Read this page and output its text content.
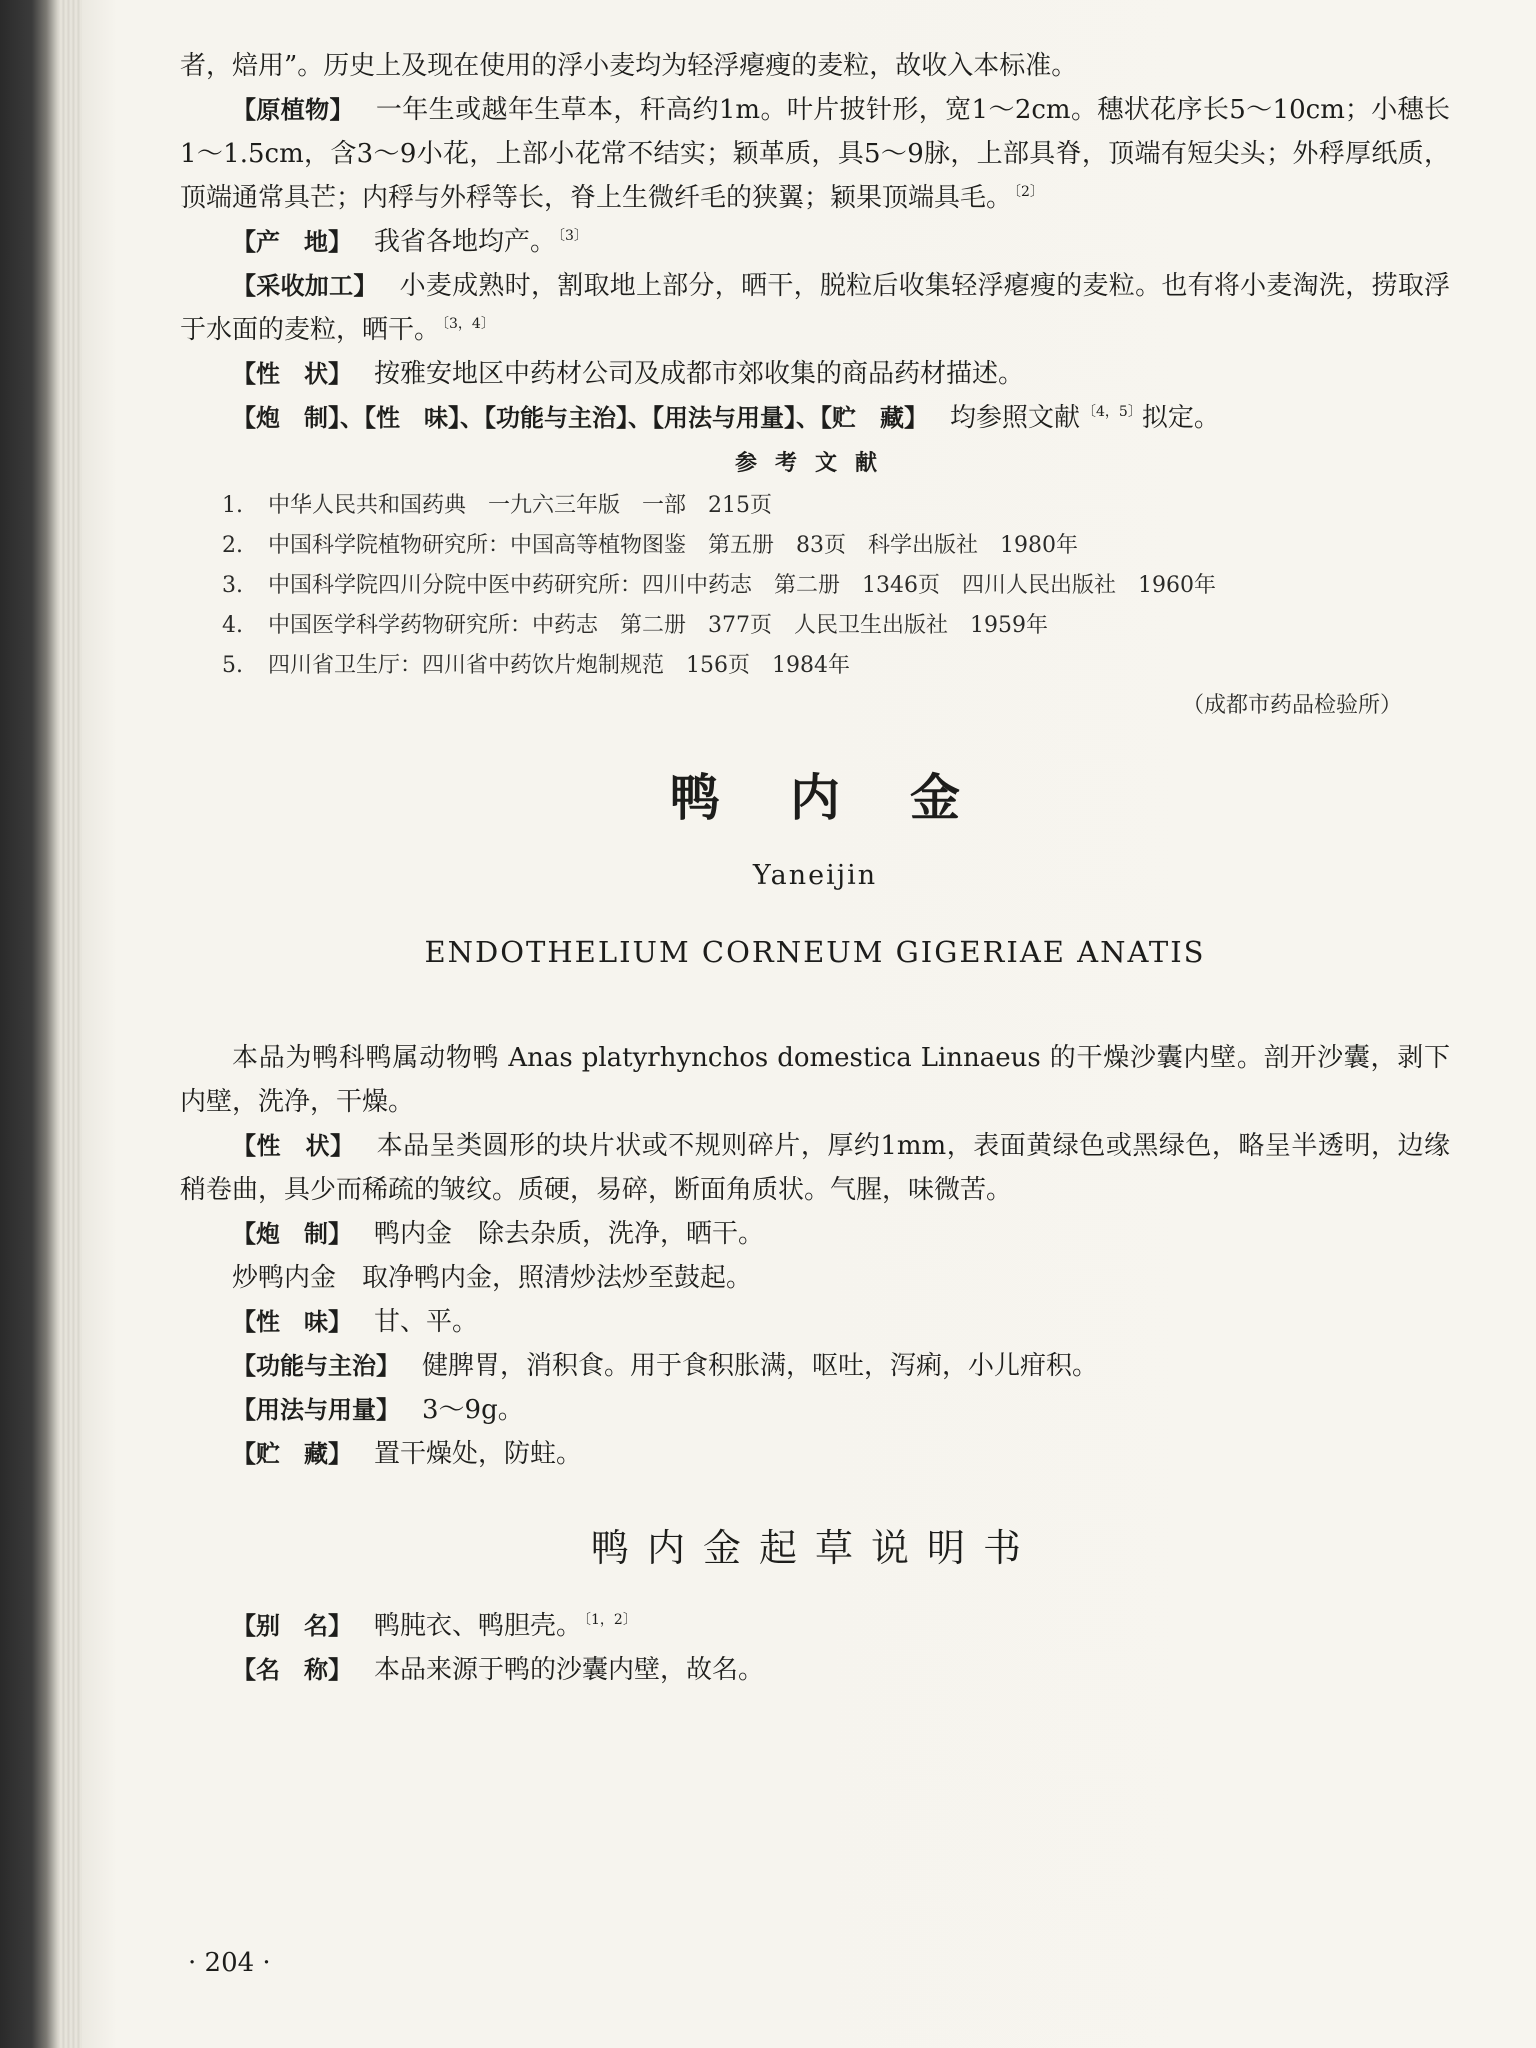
者，焙用”。历史上及现在使用的浮小麦均为轻浮瘪瘦的麦粒，故收入本标准。

【原植物】 一年生或越年生草本，秆高约1m。叶片披针形，宽1～2cm。穗状花序长5～10cm；小穗长1～1.5cm，含3～9小花，上部小花常不结实；颖革质，具5～9脉，上部具脊，顶端有短尖头；外稃厚纸质，顶端通常具芒；内稃与外稃等长，脊上生微纤毛的狭翼；颖果顶端具毛。 $^{〔2〕}$

【产　地】 我省各地均产。 $^{〔3〕}$

【采收加工】 小麦成熟时，割取地上部分，晒干，脱粒后收集轻浮瘪瘦的麦粒。也有将小麦淘洗，捞取浮于水面的麦粒，晒干。 $^{〔3,4〕}$

【性　状】 按雅安地区中药材公司及成都市郊收集的商品药材描述。

【炮　制】、【性　味】、【功能与主治】、【用法与用量】、【贮　藏】 均参照文献 $^{〔4,5〕}$拟定。

参考文献
1. 中华人民共和国药典　一九六三年版　一部　215页
2. 中国科学院植物研究所：中国高等植物图鉴　第五册　83页　科学出版社　1980年
3. 中国科学院四川分院中医中药研究所：四川中药志　第二册　1346页　四川人民出版社　1960年
4. 中国医学科学药物研究所：中药志　第二册　377页　人民卫生出版社　1959年
5. 四川省卫生厅：四川省中药饮片炮制规范　156页　1984年
（成都市药品检验所）
鸭内金
Yaneijin
ENDOTHELIUM CORNEUM GIGERIAE ANATIS

本品为鸭科鸭属动物鸭 Anas platyrhynchos domestica Linnaeus 的干燥沙囊内壁。剖开沙囊，剥下内壁，洗净，干燥。

【性　状】 本品呈类圆形的块片状或不规则碎片，厚约1mm，表面黄绿色或黑绿色，略呈半透明，边缘稍卷曲，具少而稀疏的皱纹。质硬，易碎，断面角质状。气腥，味微苦。

【炮　制】 鸭内金　除去杂质，洗净，晒干。

炒鸭内金　取净鸭内金，照清炒法炒至鼓起。

【性　味】 甘、平。

【功能与主治】 健脾胃，消积食。用于食积胀满，呕吐，泻痢，小儿疳积。

【用法与用量】 3～9g。

【贮　藏】 置干燥处，防蛀。

鸭内金起草说明书

【别　名】 鸭肫衣、鸭胆壳。 $^{〔1,2〕}$

【名　称】 本品来源于鸭的沙囊内壁，故名。

· 204 ·
